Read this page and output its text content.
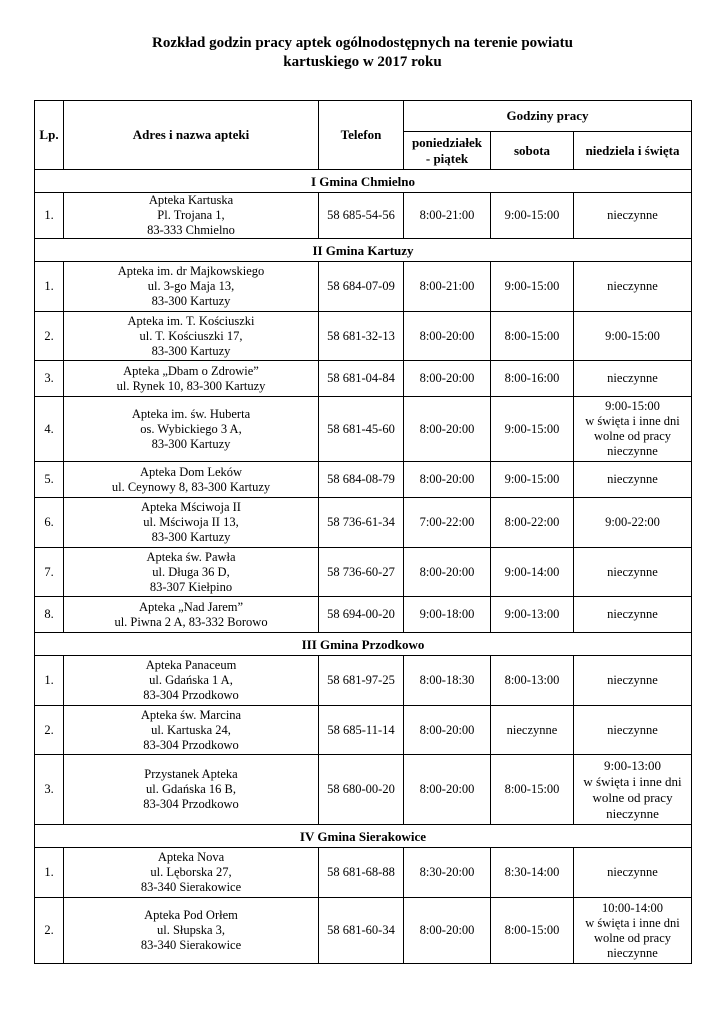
Rozkład godzin pracy aptek ogólnodostępnych na terenie powiatu
kartuskiego w 2017 roku
Lp.	Adres i nazwa apteki	Telefon	Godziny pracy		

			poniedziałek
- piątek	sobota	niedziela i święta
I Gmina Chmielno					
1.	Apteka Kartuska
Pl. Trojana 1,
83-333 Chmielno	58 685-54-56	8:00-21:00	9:00-15:00	nieczynne

II Gmina Kartuzy					
1.	Apteka im. dr Majkowskiego
ul. 3-go Maja 13,
83-300 Kartuzy	58 684-07-09	8:00-21:00	9:00-15:00	nieczynne

2.	Apteka im. T. Kościuszki
ul. T. Kościuszki 17,
83-300 Kartuzy	58 681-32-13	8:00-20:00	8:00-15:00	9:00-15:00

3.	Apteka „Dbam o Zdrowie”
ul. Rynek 10, 83-300 Kartuzy	58 681-04-84	8:00-20:00	8:00-16:00	nieczynne

4.	Apteka im. św. Huberta
os. Wybickiego 3 A,
83-300 Kartuzy	58 681-45-60	8:00-20:00	9:00-15:00	9:00-15:00
w święta i inne dni
wolne od pracy
nieczynne

5.	Apteka Dom Leków
ul. Ceynowy 8, 83-300 Kartuzy	58 684-08-79	8:00-20:00	9:00-15:00	nieczynne

6.	Apteka Mściwoja II
ul. Mściwoja II 13,
83-300 Kartuzy	58 736-61-34	7:00-22:00	8:00-22:00	9:00-22:00

7.	Apteka św. Pawła
ul. Długa 36 D,
83-307 Kiełpino	58 736-60-27	8:00-20:00	9:00-14:00	nieczynne

8.	Apteka „Nad Jarem”
ul. Piwna 2 A, 83-332 Borowo	58 694-00-20	9:00-18:00	9:00-13:00	nieczynne

III Gmina Przodkowo					
1.	Apteka Panaceum
ul. Gdańska 1 A,
83-304 Przodkowo	58 681-97-25	8:00-18:30	8:00-13:00	nieczynne

2.	Apteka św. Marcina
ul. Kartuska 24,
83-304 Przodkowo	58 685-11-14	8:00-20:00	nieczynne	nieczynne

3.	Przystanek Apteka
ul. Gdańska 16 B,
83-304 Przodkowo	58 680-00-20	8:00-20:00	8:00-15:00	9:00-13:00
w święta i inne dni
wolne od pracy
nieczynne

IV Gmina Sierakowice					
1.	Apteka Nova
ul. Lęborska 27,
83-340 Sierakowice	58 681-68-88	8:30-20:00	8:30-14:00	nieczynne

2.	Apteka Pod Orłem
ul. Słupska 3,
83-340 Sierakowice	58 681-60-34	8:00-20:00	8:00-15:00	10:00-14:00
w święta i inne dni
wolne od pracy
nieczynne
